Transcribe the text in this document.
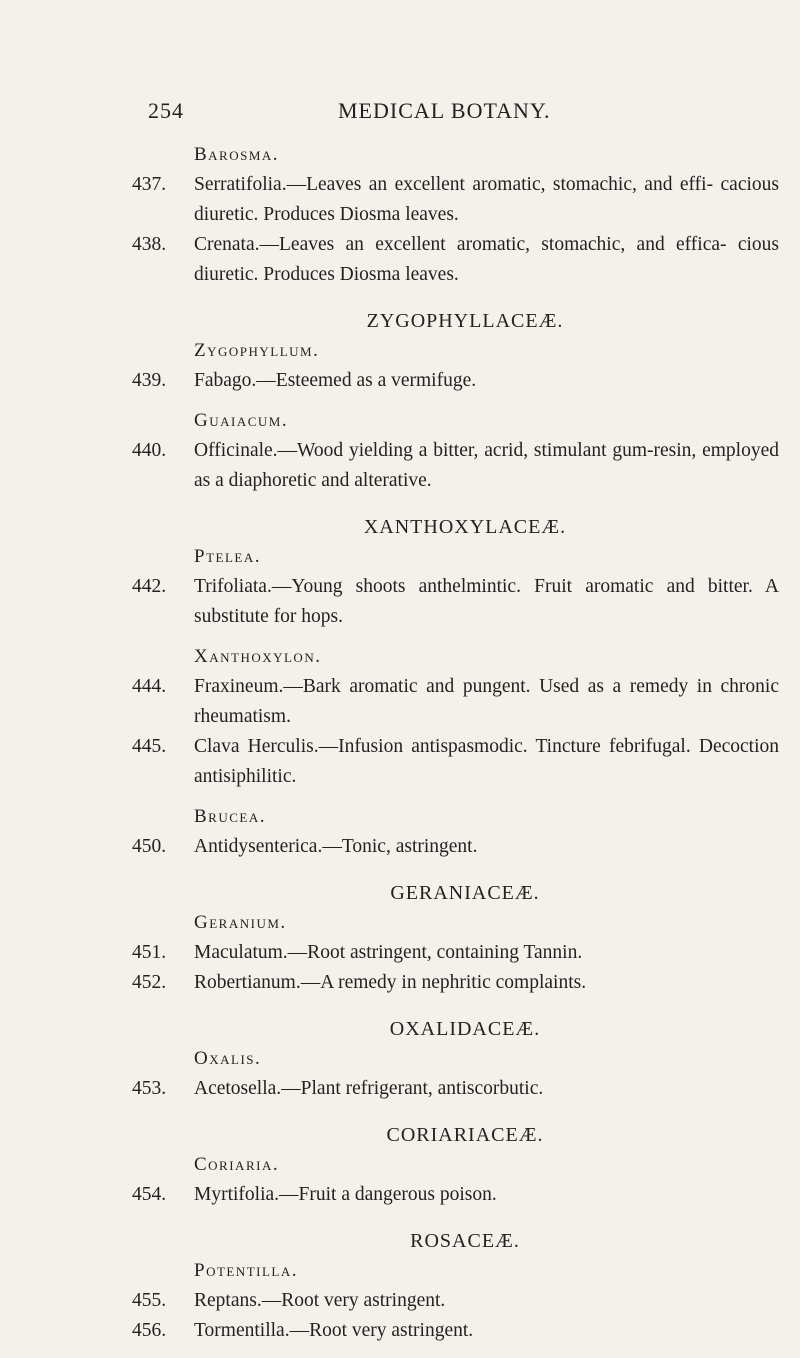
254	MEDICAL BOTANY.
Barosma.
437. Serratifolia.—Leaves an excellent aromatic, stomachic, and effi- cacious diuretic. Produces Diosma leaves.
438. Crenata.—Leaves an excellent aromatic, stomachic, and effica- cious diuretic. Produces Diosma leaves.
ZYGOPHYLLACEÆ.
Zygophyllum.
439. Fabago.—Esteemed as a vermifuge.
Guaiacum.
440. Officinale.—Wood yielding a bitter, acrid, stimulant gum-resin, employed as a diaphoretic and alterative.
XANTHOXYLACEÆ.
Ptelea.
442. Trifoliata.—Young shoots anthelmintic. Fruit aromatic and bitter. A substitute for hops.
Xanthoxylon.
444. Fraxineum.—Bark aromatic and pungent. Used as a remedy in chronic rheumatism.
445. Clava Herculis.—Infusion antispasmodic. Tincture febrifugal. Decoction antisiphilitic.
Brucea.
450. Antidysenterica.—Tonic, astringent.
GERANIACEÆ.
Geranium.
451. Maculatum.—Root astringent, containing Tannin.
452. Robertianum.—A remedy in nephritic complaints.
OXALIDACEÆ.
Oxalis.
453. Acetosella.—Plant refrigerant, antiscorbutic.
CORIARIACEÆ.
Coriaria.
454. Myrtifolia.—Fruit a dangerous poison.
ROSACEÆ.
Potentilla.
455. Reptans.—Root very astringent.
456. Tormentilla.—Root very astringent.
